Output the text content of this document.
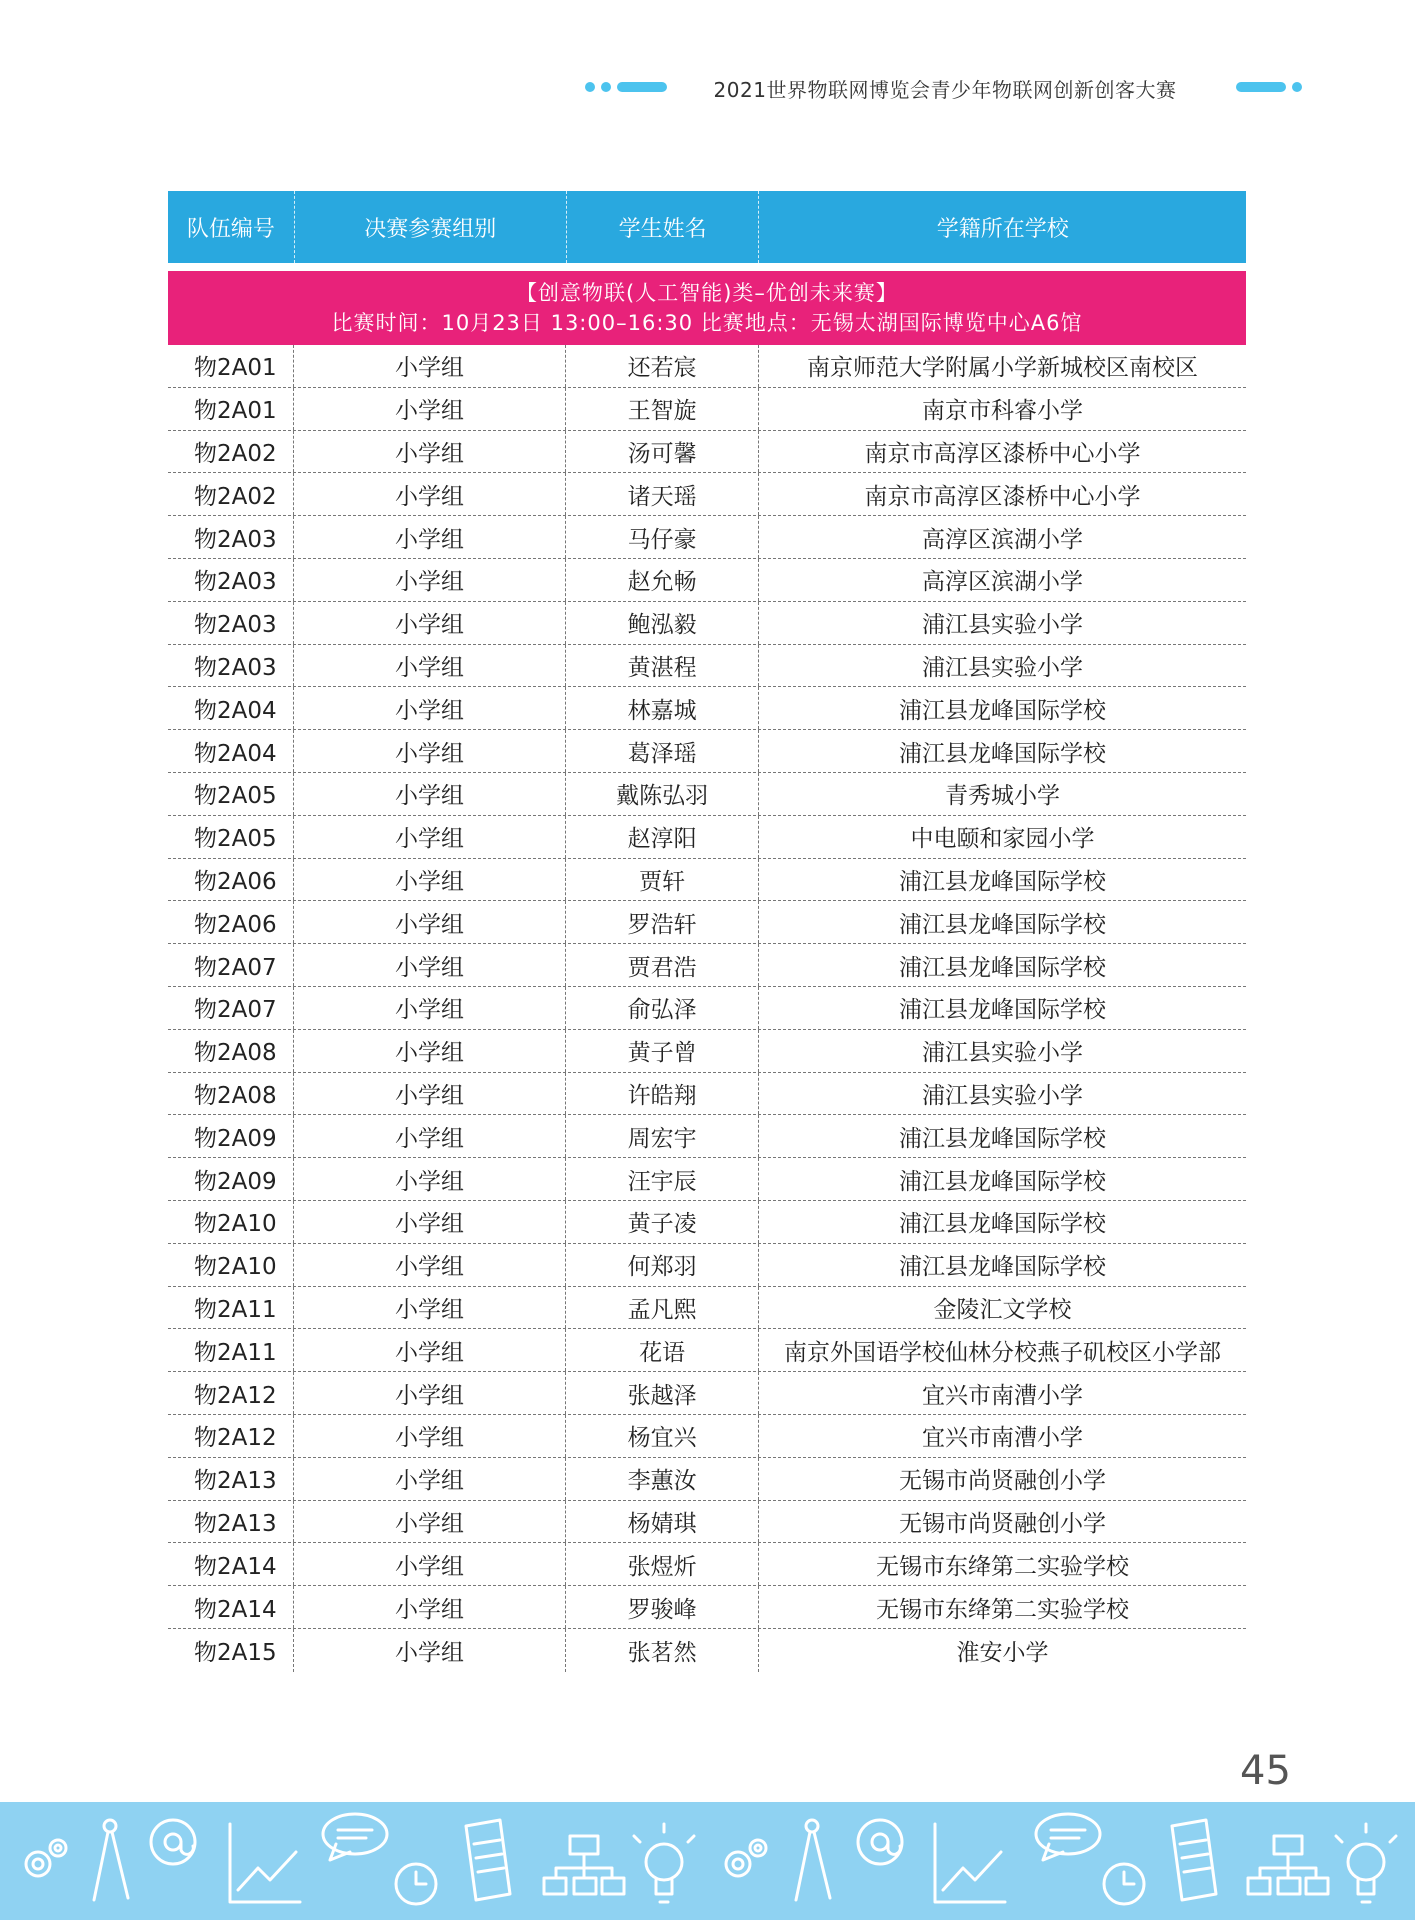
2021世界物联网博览会青少年物联网创新创客大赛
队伍编号	决赛参赛组别	学生姓名	学籍所在学校
【创意物联(人工智能)类–优创未来赛】
比赛时间：10月23日 13:00–16:30 比赛地点：无锡太湖国际博览中心A6馆
物2A01	小学组	还若宸	南京师范大学附属小学新城校区南校区
物2A01	小学组	王智旋	南京市科睿小学
物2A02	小学组	汤可馨	南京市高淳区漆桥中心小学
物2A02	小学组	诸天瑶	南京市高淳区漆桥中心小学
物2A03	小学组	马仔豪	高淳区滨湖小学
物2A03	小学组	赵允畅	高淳区滨湖小学
物2A03	小学组	鲍泓毅	浦江县实验小学
物2A03	小学组	黄湛程	浦江县实验小学
物2A04	小学组	林嘉城	浦江县龙峰国际学校
物2A04	小学组	葛泽瑶	浦江县龙峰国际学校
物2A05	小学组	戴陈弘羽	青秀城小学
物2A05	小学组	赵淳阳	中电颐和家园小学
物2A06	小学组	贾轩	浦江县龙峰国际学校
物2A06	小学组	罗浩轩	浦江县龙峰国际学校
物2A07	小学组	贾君浩	浦江县龙峰国际学校
物2A07	小学组	俞弘泽	浦江县龙峰国际学校
物2A08	小学组	黄子曾	浦江县实验小学
物2A08	小学组	许皓翔	浦江县实验小学
物2A09	小学组	周宏宇	浦江县龙峰国际学校
物2A09	小学组	汪宇辰	浦江县龙峰国际学校
物2A10	小学组	黄子凌	浦江县龙峰国际学校
物2A10	小学组	何郑羽	浦江县龙峰国际学校
物2A11	小学组	孟凡熙	金陵汇文学校
物2A11	小学组	花语	南京外国语学校仙林分校燕子矶校区小学部
物2A12	小学组	张越泽	宜兴市南漕小学
物2A12	小学组	杨宜兴	宜兴市南漕小学
物2A13	小学组	李蕙汝	无锡市尚贤融创小学
物2A13	小学组	杨婧琪	无锡市尚贤融创小学
物2A14	小学组	张煜炘	无锡市东绛第二实验学校
物2A14	小学组	罗骏峰	无锡市东绛第二实验学校
物2A15	小学组	张茗然	淮安小学
45
